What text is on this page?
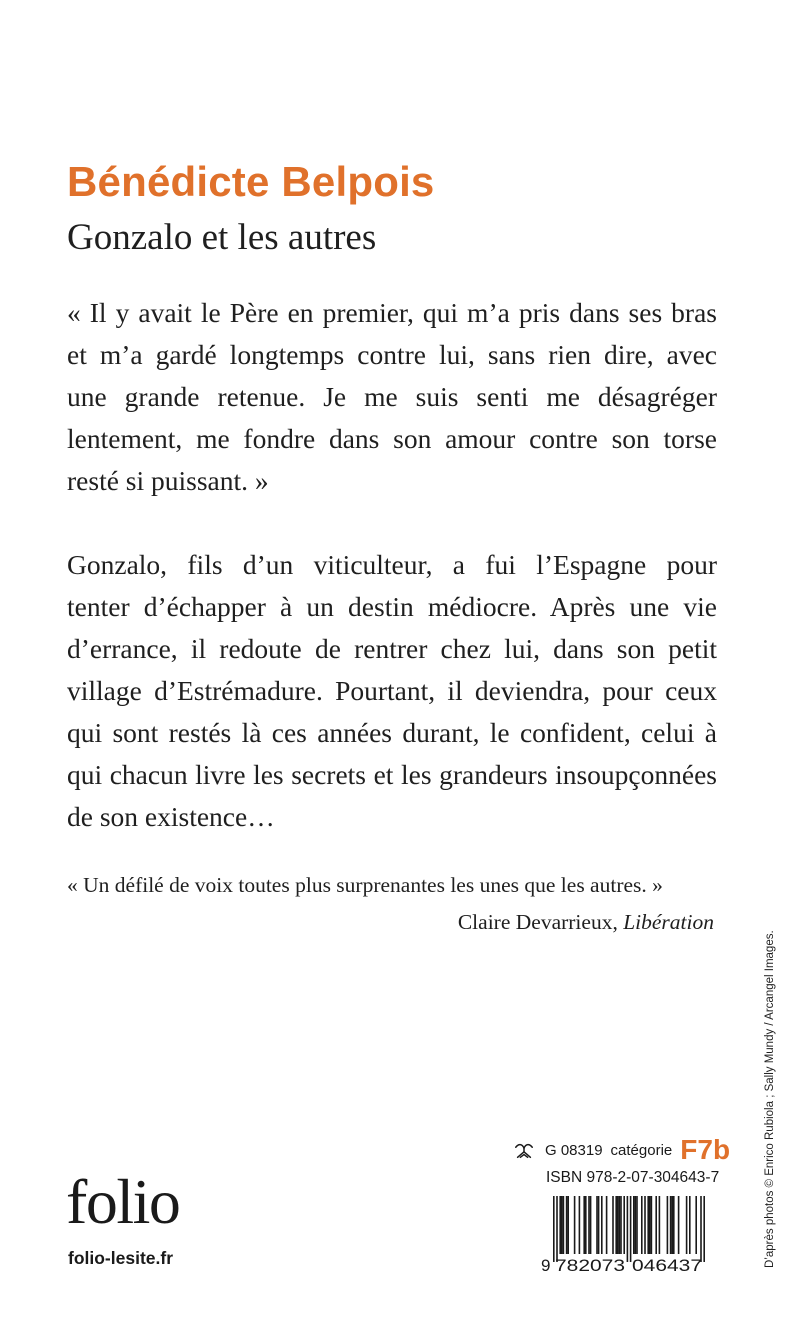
Bénédicte Belpois
Gonzalo et les autres
« Il y avait le Père en premier, qui m’a pris dans ses bras
et m’a gardé longtemps contre lui, sans rien dire, avec
une grande retenue. Je me suis senti me désagréger
lentement, me fondre dans son amour contre son torse
resté si puissant. »
Gonzalo, fils d’un viticulteur, a fui l’Espagne pour
tenter d’échapper à un destin médiocre. Après une vie
d’errance, il redoute de rentrer chez lui, dans son petit
village d’Estrémadure. Pourtant, il deviendra, pour ceux
qui sont restés là ces années durant, le confident, celui à
qui chacun livre les secrets et les grandeurs insoupçonnées
de son existence…
« Un défilé de voix toutes plus surprenantes les unes que les autres. »
Claire Devarrieux, Libération
D’après photos © Enrico Rubiola ; Sally Mundy / Arcangel Images.
folio
folio-lesite.fr
G 08319 catégorie F7b
ISBN 978-2-07-304643-7
9 782073 046437
